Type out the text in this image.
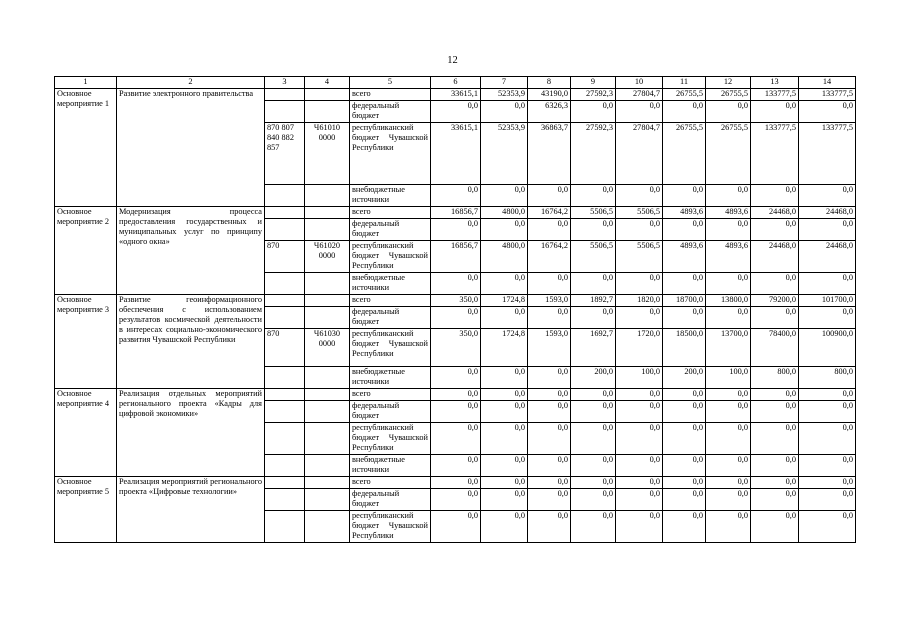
12
1	2	3	4	5	6	7	8	9	10	11	12	13	14
Основное мероприятие 1	Развитие электронного правительства			всего	33615,1	52353,9	43190,0	27592,3	27804,7	26755,5	26755,5	133777,5	133777,5
				федеральный бюджет	0,0	0,0	6326,3	0,0	0,0	0,0	0,0	0,0	0,0
		870 807 840 882 857	Ч61010 0000	республиканский бюджет Чувашской Республики	33615,1	52353,9	36863,7	27592,3	27804,7	26755,5	26755,5	133777,5	133777,5
				внебюджетные источники	0,0	0,0	0,0	0,0	0,0	0,0	0,0	0,0	0,0
Основное мероприятие 2	Модернизация процесса предоставления государственных и муниципальных услуг по принципу «одного окна»			всего	16856,7	4800,0	16764,2	5506,5	5506,5	4893,6	4893,6	24468,0	24468,0
				федеральный бюджет	0,0	0,0	0,0	0,0	0,0	0,0	0,0	0,0	0,0
		870	Ч61020 0000	республиканский бюджет Чувашской Республики	16856,7	4800,0	16764,2	5506,5	5506,5	4893,6	4893,6	24468,0	24468,0
				внебюджетные источники	0,0	0,0	0,0	0,0	0,0	0,0	0,0	0,0	0,0
Основное мероприятие 3	Развитие геоинформационного обеспечения с использованием результатов космической деятельности в интересах социально-экономического развития Чувашской Республики			всего	350,0	1724,8	1593,0	1892,7	1820,0	18700,0	13800,0	79200,0	101700,0
				федеральный бюджет	0,0	0,0	0,0	0,0	0,0	0,0	0,0	0,0	0,0
		870	Ч61030 0000	республиканский бюджет Чувашской Республики	350,0	1724,8	1593,0	1692,7	1720,0	18500,0	13700,0	78400,0	100900,0
				внебюджетные источники	0,0	0,0	0,0	200,0	100,0	200,0	100,0	800,0	800,0
Основное мероприятие 4	Реализация отдельных мероприятий регионального проекта «Кадры для цифровой экономики»			всего	0,0	0,0	0,0	0,0	0,0	0,0	0,0	0,0	0,0
				федеральный бюджет	0,0	0,0	0,0	0,0	0,0	0,0	0,0	0,0	0,0
				республиканский бюджет Чувашской Республики	0,0	0,0	0,0	0,0	0,0	0,0	0,0	0,0	0,0
				внебюджетные источники	0,0	0,0	0,0	0,0	0,0	0,0	0,0	0,0	0,0
Основное мероприятие 5	Реализация мероприятий регионального проекта «Цифровые технологии»			всего	0,0	0,0	0,0	0,0	0,0	0,0	0,0	0,0	0,0
				федеральный бюджет	0,0	0,0	0,0	0,0	0,0	0,0	0,0	0,0	0,0
				республиканский бюджет Чувашской Республики	0,0	0,0	0,0	0,0	0,0	0,0	0,0	0,0	0,0
